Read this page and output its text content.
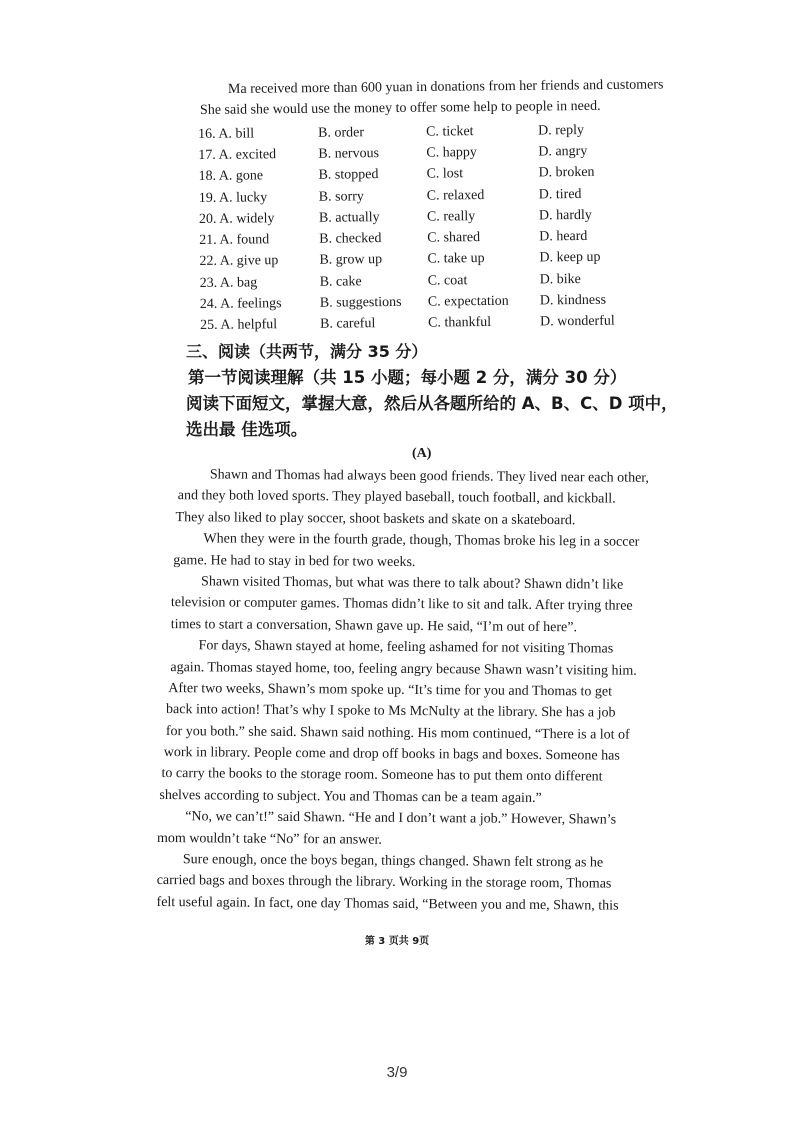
Ma received more than 600 yuan in donations from her friends and customers
She said she would use the money to offer some help to people in need.
16. A. bill	B. order	C. ticket	D. reply
17. A. excited	B. nervous	C. happy	D. angry
18. A. gone	B. stopped	C. lost	D. broken
19. A. lucky	B. sorry	C. relaxed	D. tired
20. A. widely	B. actually	C. really	D. hardly
21. A. found	B. checked	C. shared	D. heard
22. A. give up	B. grow up	C. take up	D. keep up
23. A. bag	B. cake	C. coat	D. bike
24. A. feelings	B. suggestions	C. expectation	D. kindness
25. A. helpful	B. careful	C. thankful	D. wonderful
三、阅读（共两节，满分 35 分）
第一节阅读理解（共 15 小题；每小题 2 分，满分 30 分）
阅读下面短文，掌握大意，然后从各题所给的 A、B、C、D 项中，
选出最 佳选项。
(A)
Shawn and Thomas had always been good friends. They lived near each other,
and they both loved sports. They played baseball, touch football, and kickball.
They also liked to play soccer, shoot baskets and skate on a skateboard.
When they were in the fourth grade, though, Thomas broke his leg in a soccer
game. He had to stay in bed for two weeks.
Shawn visited Thomas, but what was there to talk about? Shawn didn’t like
television or computer games. Thomas didn’t like to sit and talk. After trying three
times to start a conversation, Shawn gave up. He said, “I’m out of here”.
For days, Shawn stayed at home, feeling ashamed for not visiting Thomas
again. Thomas stayed home, too, feeling angry because Shawn wasn’t visiting him.
After two weeks, Shawn’s mom spoke up. “It’s time for you and Thomas to get
back into action! That’s why I spoke to Ms McNulty at the library. She has a job
for you both.” she said. Shawn said nothing. His mom continued, “There is a lot of
work in library. People come and drop off books in bags and boxes. Someone has
to carry the books to the storage room. Someone has to put them onto different
shelves according to subject. You and Thomas can be a team again.”
“No, we can’t!” said Shawn. “He and I don’t want a job.” However, Shawn’s
mom wouldn’t take “No” for an answer.
Sure enough, once the boys began, things changed. Shawn felt strong as he
carried bags and boxes through the library. Working in the storage room, Thomas
felt useful again. In fact, one day Thomas said, “Between you and me, Shawn, this
第 3 页共 9页
3/9
